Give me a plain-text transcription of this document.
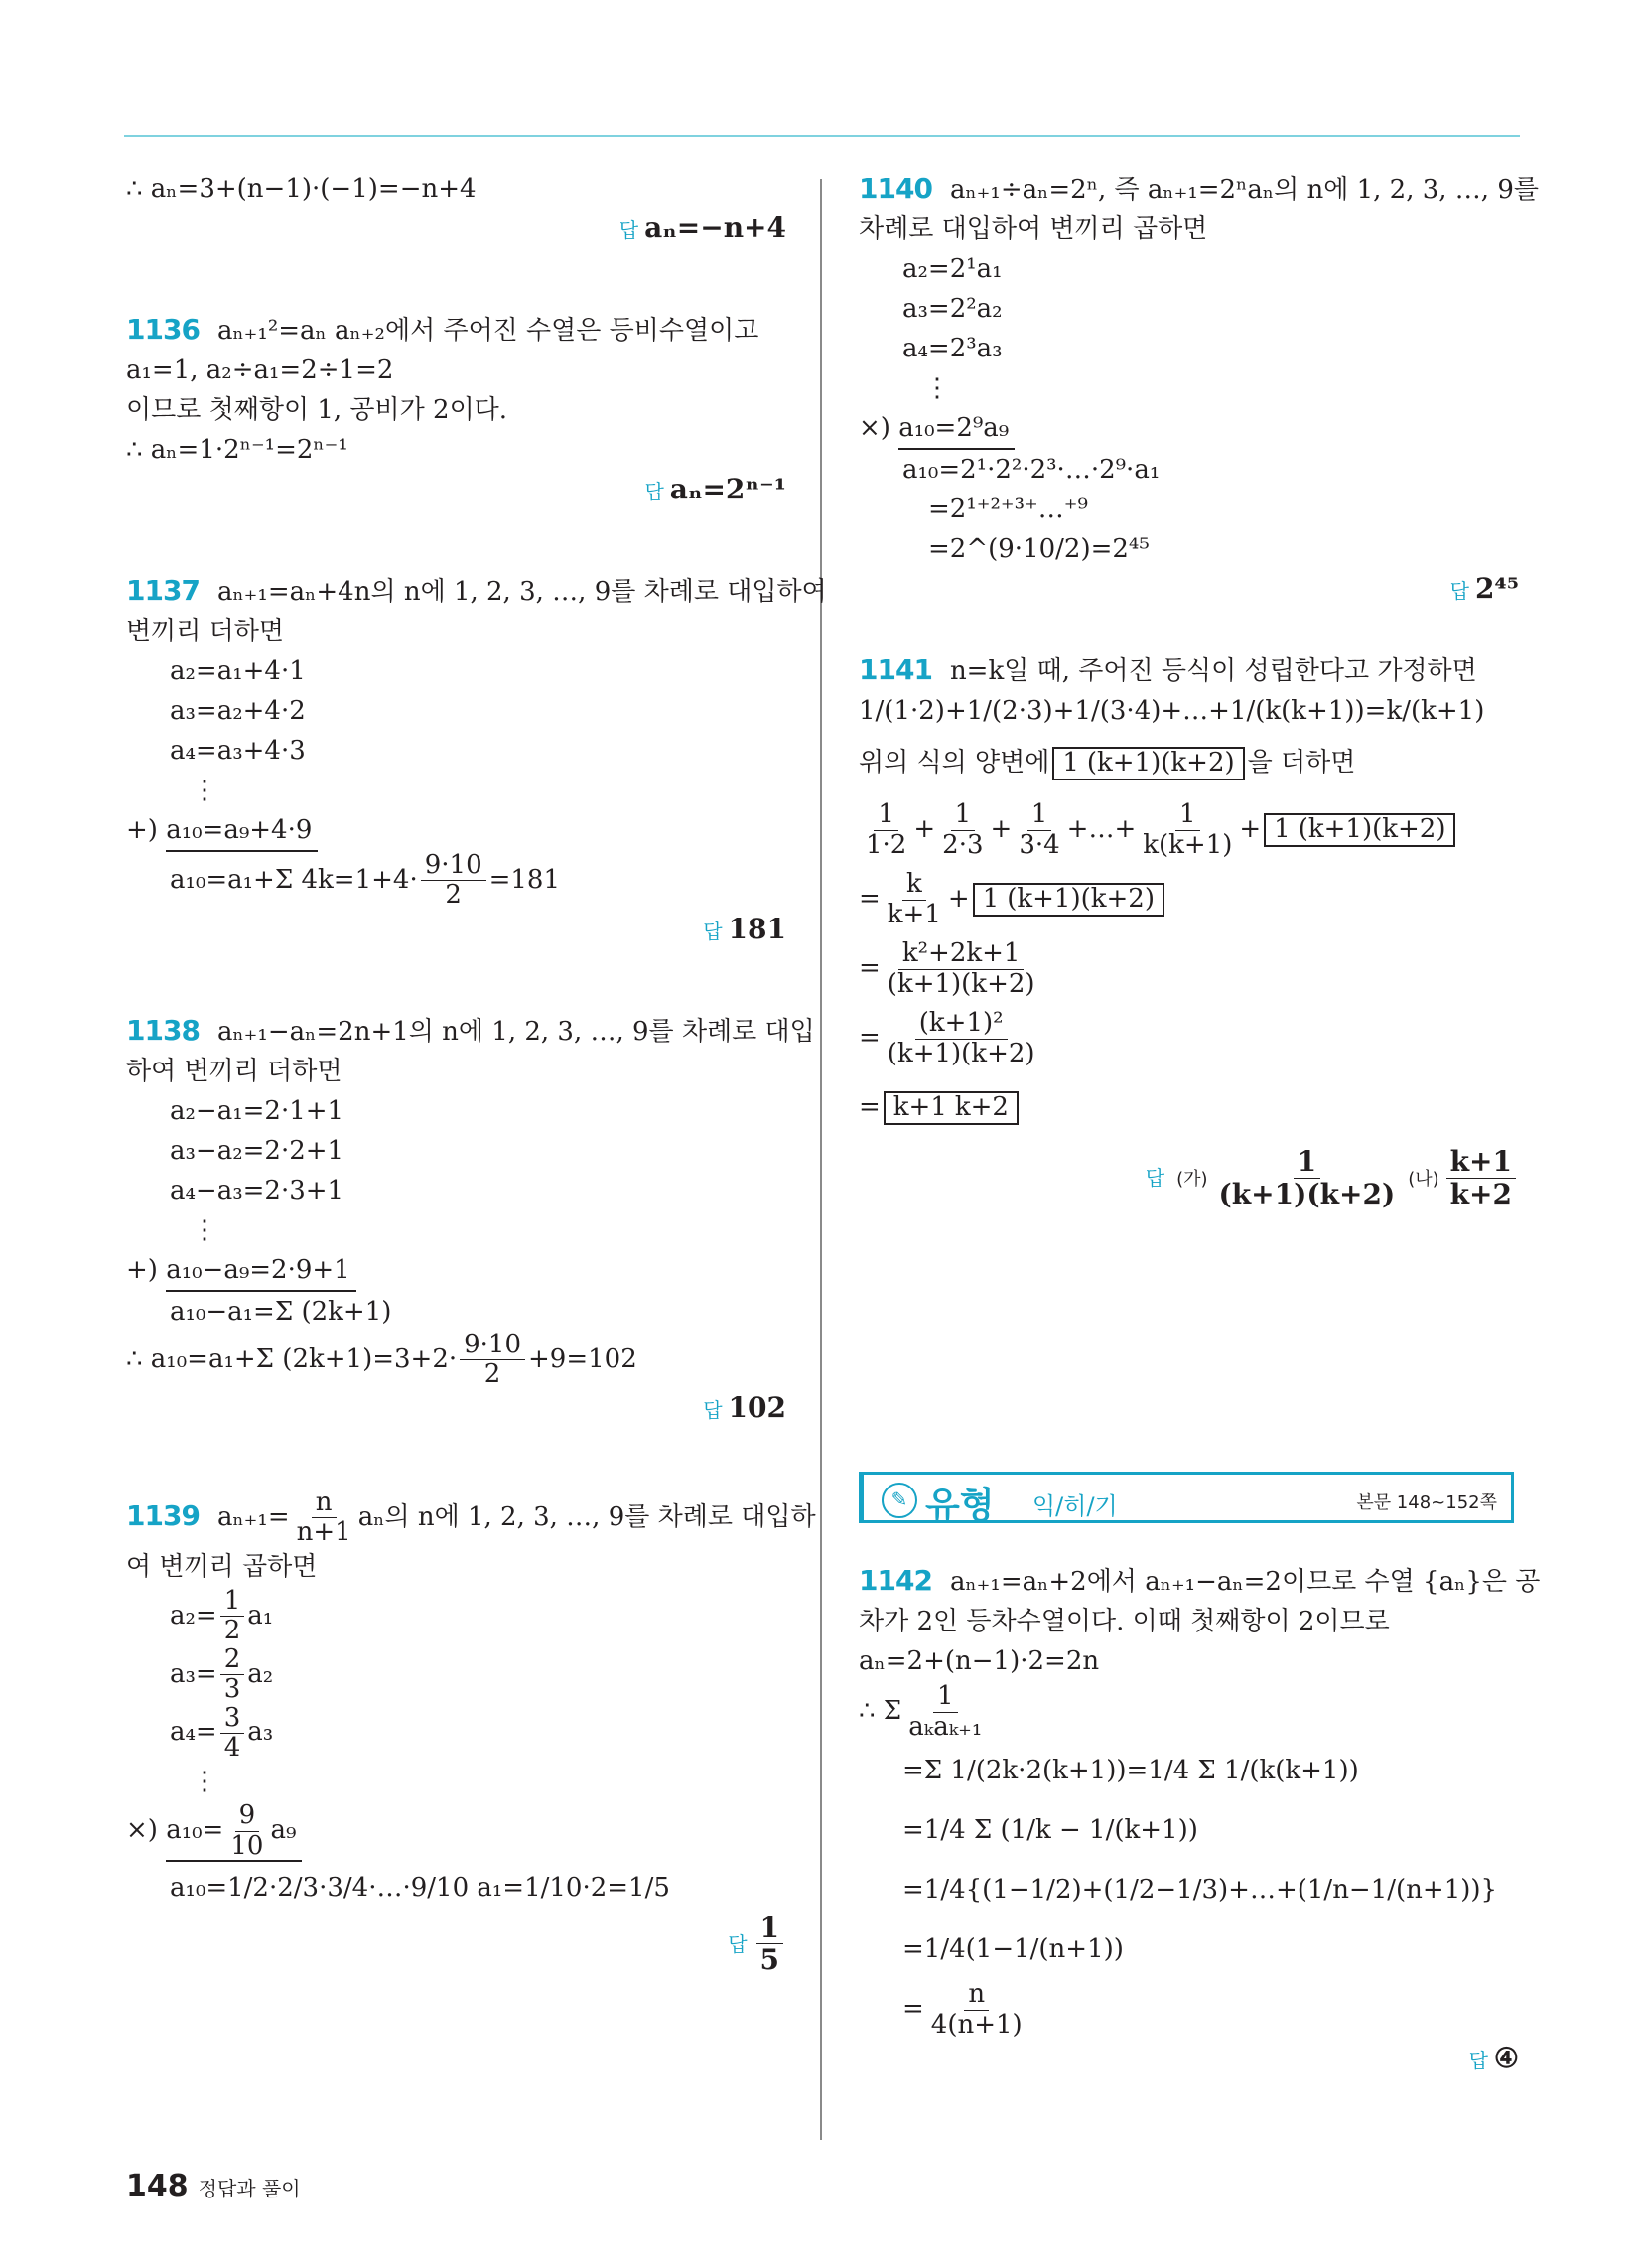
∴ aₙ=3+(n−1)·(−1)=−n+4
답 aₙ=−n+4
1136 aₙ₊₁²=aₙ aₙ₊₂에서 주어진 수열은 등비수열이고
a₁=1, a₂÷a₁=2÷1=2
이므로 첫째항이 1, 공비가 2이다.
∴ aₙ=1·2ⁿ⁻¹=2ⁿ⁻¹
답 aₙ=2ⁿ⁻¹
1137 aₙ₊₁=aₙ+4n의 n에 1, 2, 3, …, 9를 차례로 대입하여
변끼리 더하면
a₂=a₁+4·1
a₃=a₂+4·2
a₄=a₃+4·3
⋮
+) a₁₀=a₉+4·9
a₁₀=a₁+Σ $4k=1+4\cdot \frac{9\cdot 10}{2} =181$
답 181
1138 aₙ₊₁−aₙ=2n+1의 n에 1, 2, 3, …, 9를 차례로 대입
하여 변끼리 더하면
a₂−a₁=2·1+1
a₃−a₂=2·2+1
a₄−a₃=2·3+1
⋮
+) a₁₀−a₉=2·9+1
a₁₀−a₁=Σ (2k+1)
∴ a₁₀=a₁+Σ $(2k+1)=3+2\cdot \frac{9\cdot 10}{2} +9=102$
답 102
1139 $a_{n+1}= \frac{n}{n+1}$ aₙ의 n에 1, 2, 3, …, 9를 차례로 대입하
여 변끼리 곱하면
$a_2= \frac{1}{2} a_1$
$a_3= \frac{2}{3} a_2$
$a_4= \frac{3}{4} a_3$
⋮
×) $a_{10}= \frac{9}{10} a_9$
a₁₀=1/2·2/3·3/4·…·9/10 a₁=1/10·2=1/5
답 $\frac{1}{5}$
1140 aₙ₊₁÷aₙ=2ⁿ, 즉 aₙ₊₁=2ⁿaₙ의 n에 1, 2, 3, …, 9를
차례로 대입하여 변끼리 곱하면
a₂=2¹a₁
a₃=2²a₂
a₄=2³a₃
⋮
×) a₁₀=2⁹a₉
a₁₀=2¹·2²·2³·…·2⁹·a₁
=2¹⁺²⁺³⁺…⁺⁹
=2^(9·10/2)=2⁴⁵
답 2⁴⁵
1141 n=k일 때, 주어진 등식이 성립한다고 가정하면
1/(1·2)+1/(2·3)+1/(3·4)+…+1/(k(k+1))=k/(k+1)
위의 식의 양변에 1 (k+1)(k+2) 을 더하면
$\frac{1}{1\cdot 2} + \frac{1}{2\cdot 3} + \frac{1}{3\cdot 4}$ +…+ $\frac{1}{k(k+1)} + 1$ (k+1)(k+2)
= $\frac{k}{k+1} + 1$ (k+1)(k+2)
= $\frac{\text{k²+2k+1}}{(k+1)(k+2)}$
= $\frac{\text{(k+1)²}}{(k+1)(k+2)}$
= k+1 k+2
답 (가) $\frac{1}{(k+1)(k+2)}$ (나) $\frac{k+1}{k+2}$
✎ 유형 익/히/기	본문 148~152쪽
1142 aₙ₊₁=aₙ+2에서 aₙ₊₁−aₙ=2이므로 수열 {aₙ}은 공
차가 2인 등차수열이다. 이때 첫째항이 2이므로
aₙ=2+(n−1)·2=2n
∴ Σ $\frac{1}{\text{aₖaₖ₊₁}}$
=Σ 1/(2k·2(k+1))=1/4 Σ 1/(k(k+1))
=1/4 Σ (1/k − 1/(k+1))
=1/4{(1−1/2)+(1/2−1/3)+…+(1/n−1/(n+1))}
=1/4(1−1/(n+1))
= $\frac{n}{4(n+1)}$
답 ④
148 정답과 풀이
